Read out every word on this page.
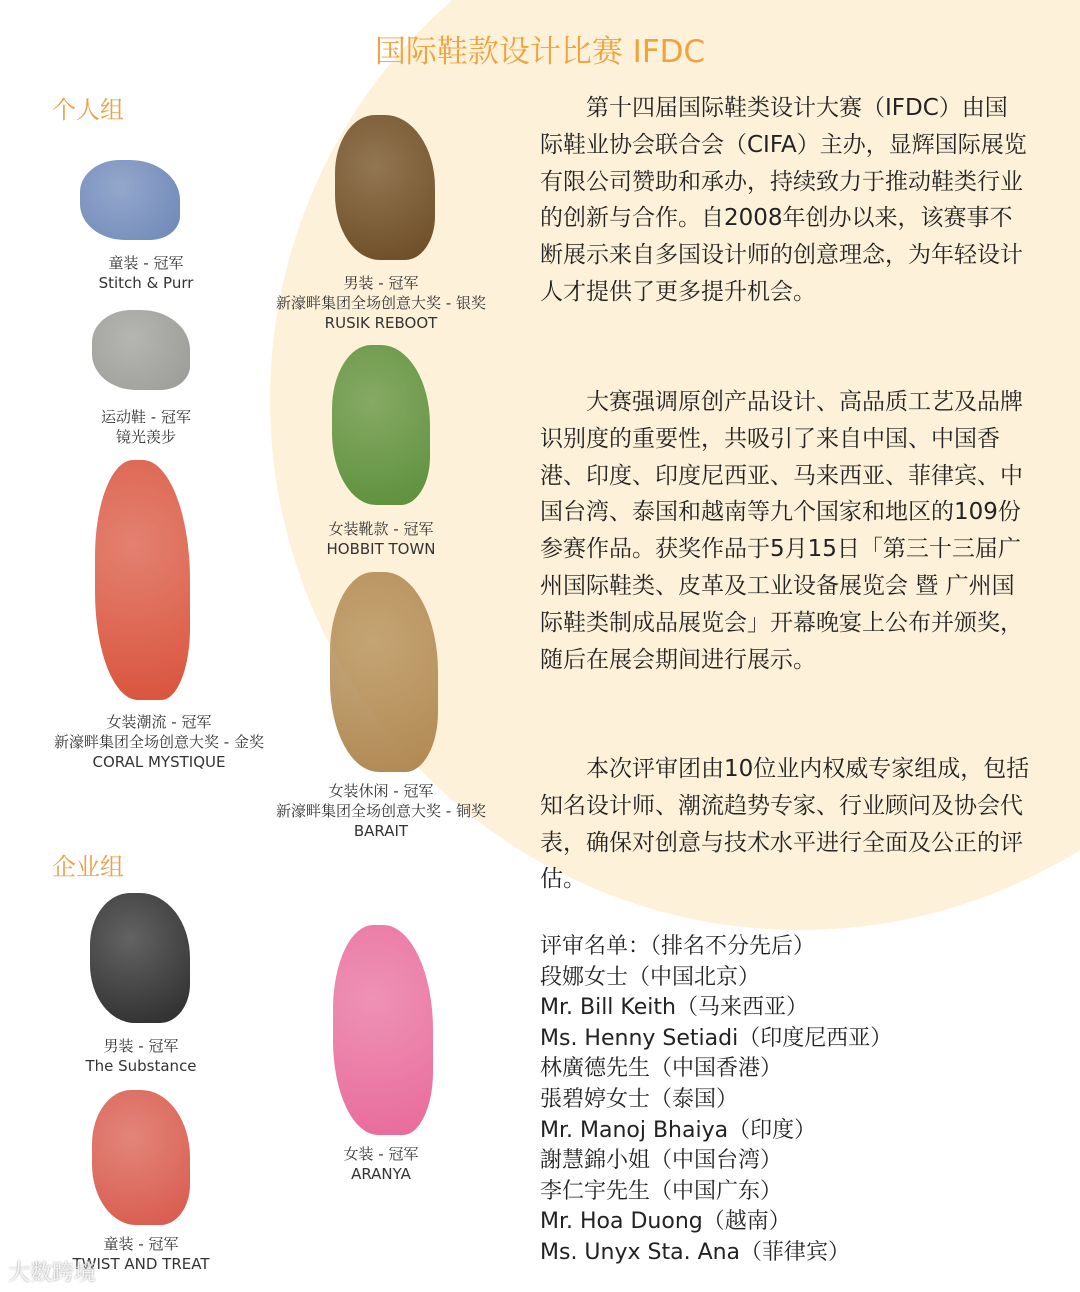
国际鞋款设计比赛 IFDC
个人组
企业组
童装 - 冠军
Stitch & Purr
运动鞋 - 冠军
镜光羡步
女装潮流 - 冠军
新濠畔集团全场创意大奖 - 金奖
CORAL MYSTIQUE
男装 - 冠军
新濠畔集团全场创意大奖 - 银奖
RUSIK REBOOT
女装靴款 - 冠军
HOBBIT TOWN
女装休闲 - 冠军
新濠畔集团全场创意大奖 - 铜奖
BARAIT
男装 - 冠军
The Substance
童装 - 冠军
TWIST AND TREAT
女装 - 冠军
ARANYA

第十四届国际鞋类设计大赛（IFDC）由国际鞋业协会联合会（CIFA）主办，显辉国际展览有限公司赞助和承办，持续致力于推动鞋类行业的创新与合作。自2008年创办以来，该赛事不断展示来自多国设计师的创意理念，为年轻设计人才提供了更多提升机会。

大赛强调原创产品设计、高品质工艺及品牌识别度的重要性，共吸引了来自中国、中国香港、印度、印度尼西亚、马来西亚、菲律宾、中国台湾、泰国和越南等九个国家和地区的109份参赛作品。获奖作品于5月15日「第三十三届广州国际鞋类、皮革及工业设备展览会 暨 广州国际鞋类制成品展览会」开幕晚宴上公布并颁奖，随后在展会期间进行展示。

本次评审团由10位业内权威专家组成，包括知名设计师、潮流趋势专家、行业顾问及协会代表，确保对创意与技术水平进行全面及公正的评估。

评审名单：（排名不分先后）
段娜女士（中国北京）
Mr. Bill Keith（马来西亚）
Ms. Henny Setiadi（印度尼西亚）
林廣德先生（中国香港）
張碧婷女士（泰国）
Mr. Manoj Bhaiya（印度）
謝慧錦小姐（中国台湾）
李仁宇先生（中国广东）
Mr. Hoa Duong（越南）
Ms. Unyx Sta. Ana（菲律宾）
大数跨境
